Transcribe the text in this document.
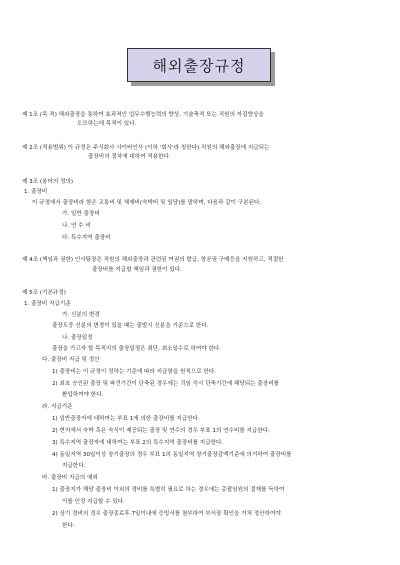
해외출장규정
제 1조 (목 적) 해외출장을 통하여 효과적인 업무수행능력의 향상, 기술축적 또는 직원의 자질향상을
도모하는데 목적이 있다.
제 2조 (적용범위) 이 규정은 주식회사 사이버인사 (이하 '회사'라 칭한다) 직원의 해외출장에 지급되는
출장비의 절차에 대하여 적용한다.
제 3조 (용어의 정의)
1. 출장비
이 규정에서 출장비라 함은 교통비 및 체재비(숙박비 및 일당)를 말하며, 다음과 같이 구분된다.
가. 일반 출장비
나. 연 수 비
다. 특수지역 출장비
제 4조 (책임과 권한) 인사팀장은 직원의 해외출장과 관련된 여권의 발급, 항공권 구매등을 지원하고, 적절한
출장비를 지급할 책임과 권한이 있다.
제 5조 (기본규정)
1. 출장비 지급기준
가. 신분의 변경
출장도중 신분의 변경이 있을 때는 출발시 신분을 기준으로 한다.
나. 출장일정
출장을 가고자 할 목적지의 출장일정은 최단, 최소일수로 하여야 한다.
다. 출장비 지급 및 정산
1) 출장비는 이 규정이 정하는 기준에 따라 지급함을 원칙으로 한다.
2) 최초 승인된 출장 및 파견기간이 단축된 경우에는 귀임 즉시 단축기간에 해당되는 출장비를
환입하여야 한다.
라. 지급기준
1) 일반출장자에 대하여는 부표 1에 의한 출장비를 지급한다.
2) 현지에서 숙박 혹은 숙식이 제공되는 출장 및 연수의 경우 부표 1의 연수비를 지급한다.
3) 특수지역 출장자에 대하여는 부표 2의 특수지역 출장비를 지급한다.
4) 동일지역 30일이상 장기출장의 경우 부표 1의 동일지역 장기출장감액기준에 의거하여 출장비를
지급한다.
마. 출장비 지급의 예외
1) 출장지가 해당 출장비 이외의 경비를 특별히 필요로 하는 경우에는 총괄임원의 결재를 득하여
이를 인정 지급할 수 있다.
2) 상기 경비의 경우 출장종료후 7일이내에 증빙서를 첨부하여 부서장 확인을 거쳐 정산하여야
한다.
